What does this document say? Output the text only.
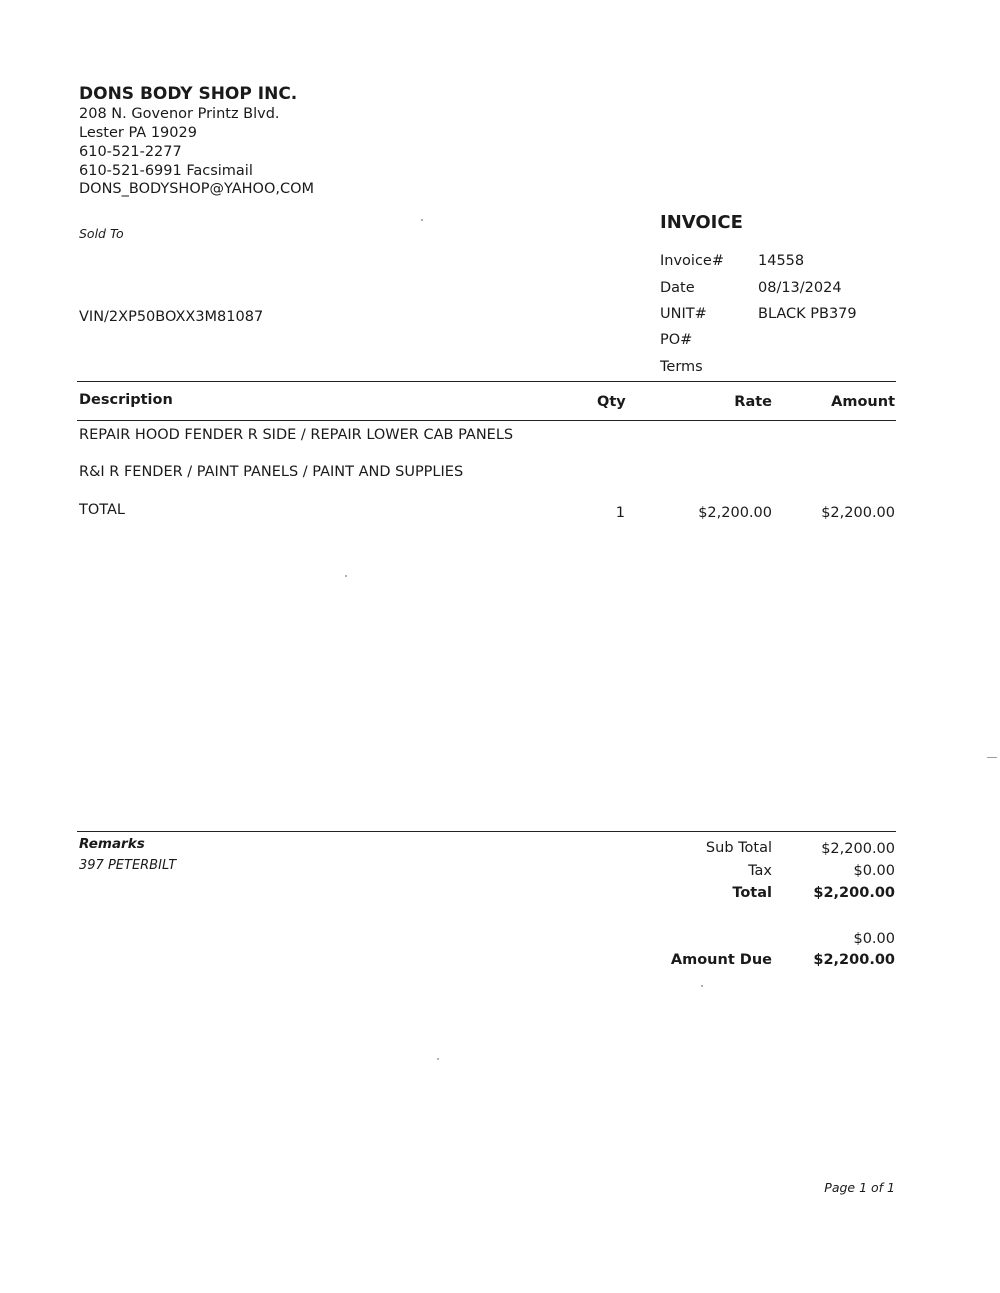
DONS BODY SHOP INC.
208 N. Govenor Printz Blvd.
Lester PA 19029
610-521-2277
610-521-6991 Facsimail
DONS_BODYSHOP@YAHOO,COM
Sold To
VIN/2XP50BOXX3M81087
INVOICE
Invoice# 14558
Date	08/13/2024
UNIT#	BLACK PB379
PO#
Terms
Description	Qty	Rate	Amount
REPAIR HOOD FENDER R SIDE / REPAIR LOWER CAB PANELS
R&I R FENDER / PAINT PANELS / PAINT AND SUPPLIES
TOTAL	1	$2,200.00	$2,200.00
Remarks
397 PETERBILT
Sub Total	$2,200.00
Tax	$0.00
Total	$2,200.00
$0.00
Amount Due	$2,200.00
Page 1 of 1
